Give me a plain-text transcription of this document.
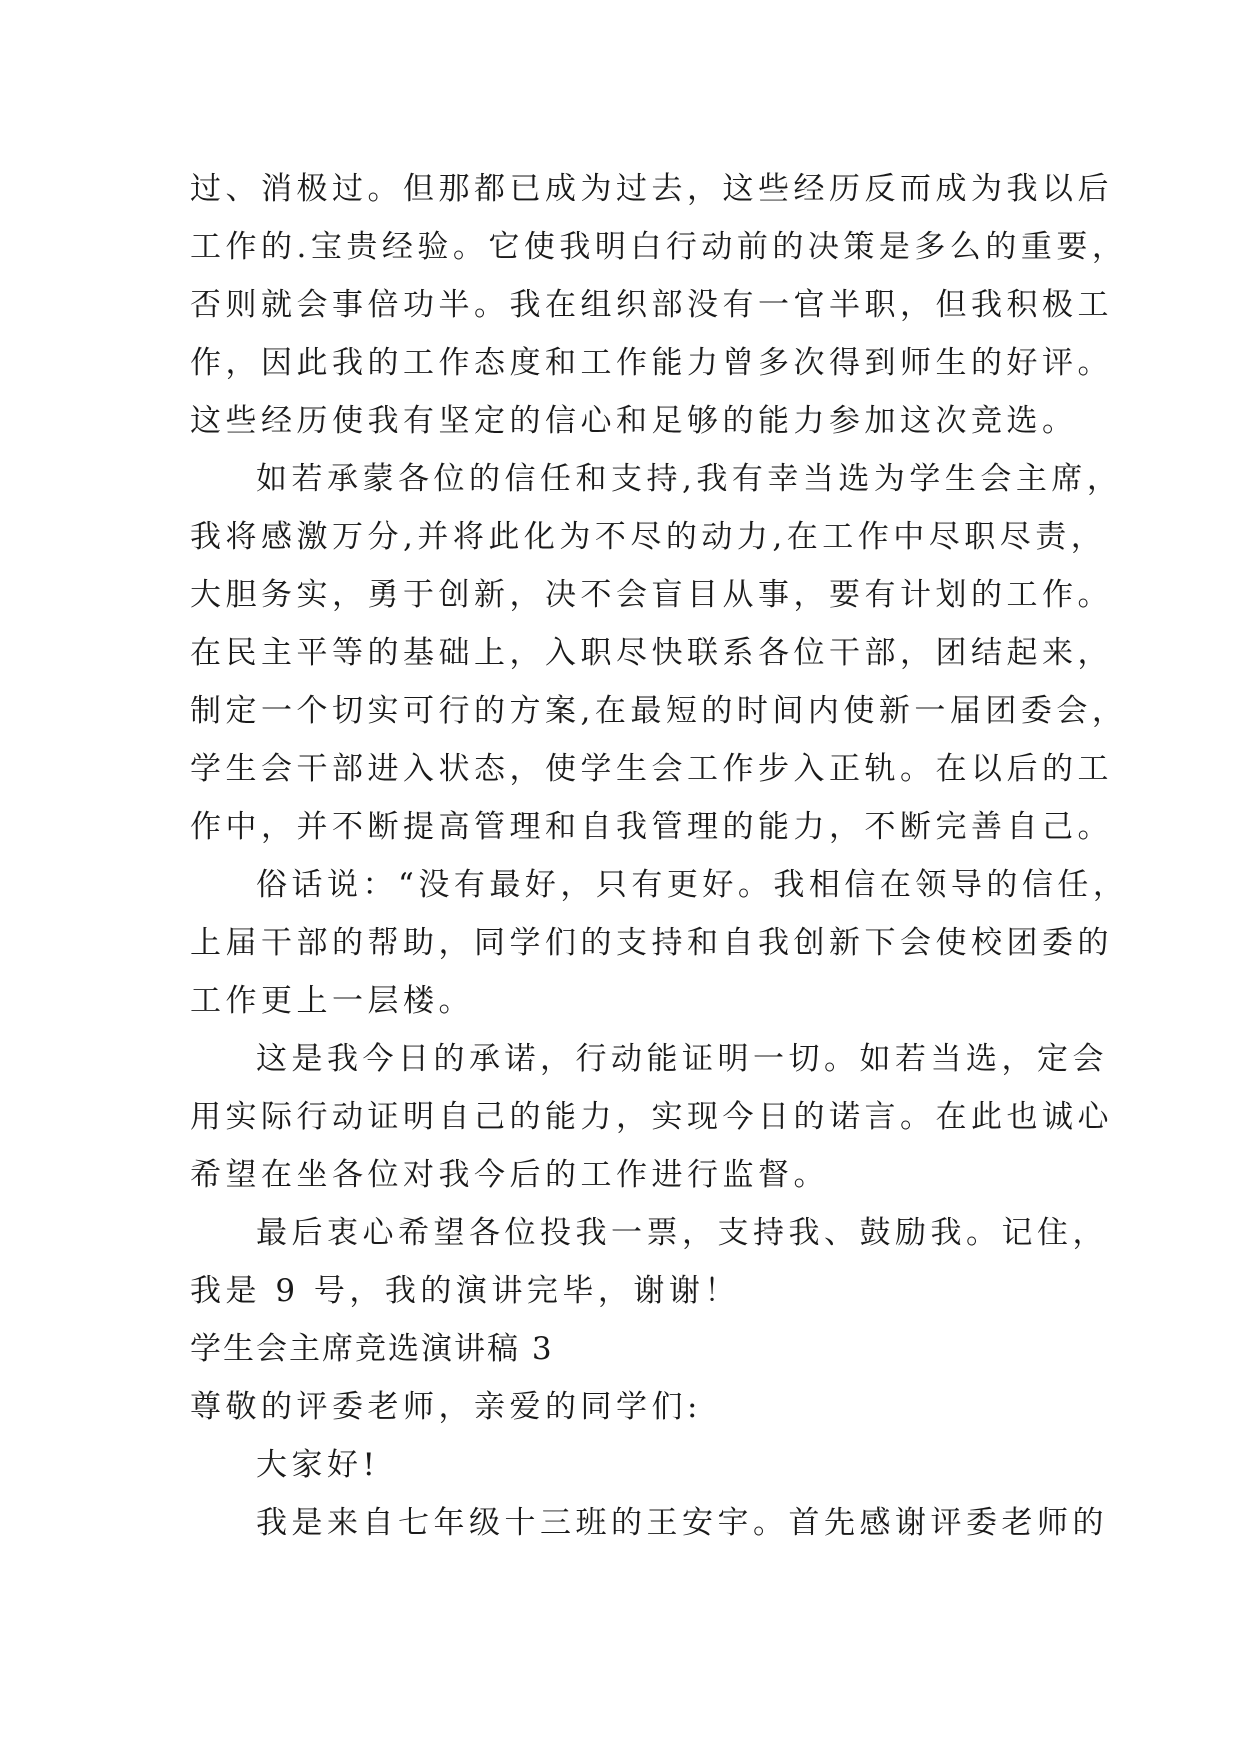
过、消极过。但那都已成为过去，这些经历反而成为我以后
工作的.宝贵经验。它使我明白行动前的决策是多么的重要，
否则就会事倍功半。我在组织部没有一官半职，但我积极工
作，因此我的工作态度和工作能力曾多次得到师生的好评。
这些经历使我有坚定的信心和足够的能力参加这次竞选。
如若承蒙各位的信任和支持,我有幸当选为学生会主席，
我将感激万分,并将此化为不尽的动力,在工作中尽职尽责，
大胆务实，勇于创新，决不会盲目从事，要有计划的工作。
在民主平等的基础上，入职尽快联系各位干部，团结起来，
制定一个切实可行的方案,在最短的时间内使新一届团委会，
学生会干部进入状态，使学生会工作步入正轨。在以后的工
作中，并不断提高管理和自我管理的能力，不断完善自己。
俗话说：“没有最好，只有更好。我相信在领导的信任，
上届干部的帮助，同学们的支持和自我创新下会使校团委的
工作更上一层楼。
这是我今日的承诺，行动能证明一切。如若当选，定会
用实际行动证明自己的能力，实现今日的诺言。在此也诚心
希望在坐各位对我今后的工作进行监督。
最后衷心希望各位投我一票，支持我、鼓励我。记住，
我是 9 号，我的演讲完毕，谢谢！
学生会主席竞选演讲稿 3
尊敬的评委老师，亲爱的同学们:
大家好!
我是来自七年级十三班的王安宇。首先感谢评委老师的
